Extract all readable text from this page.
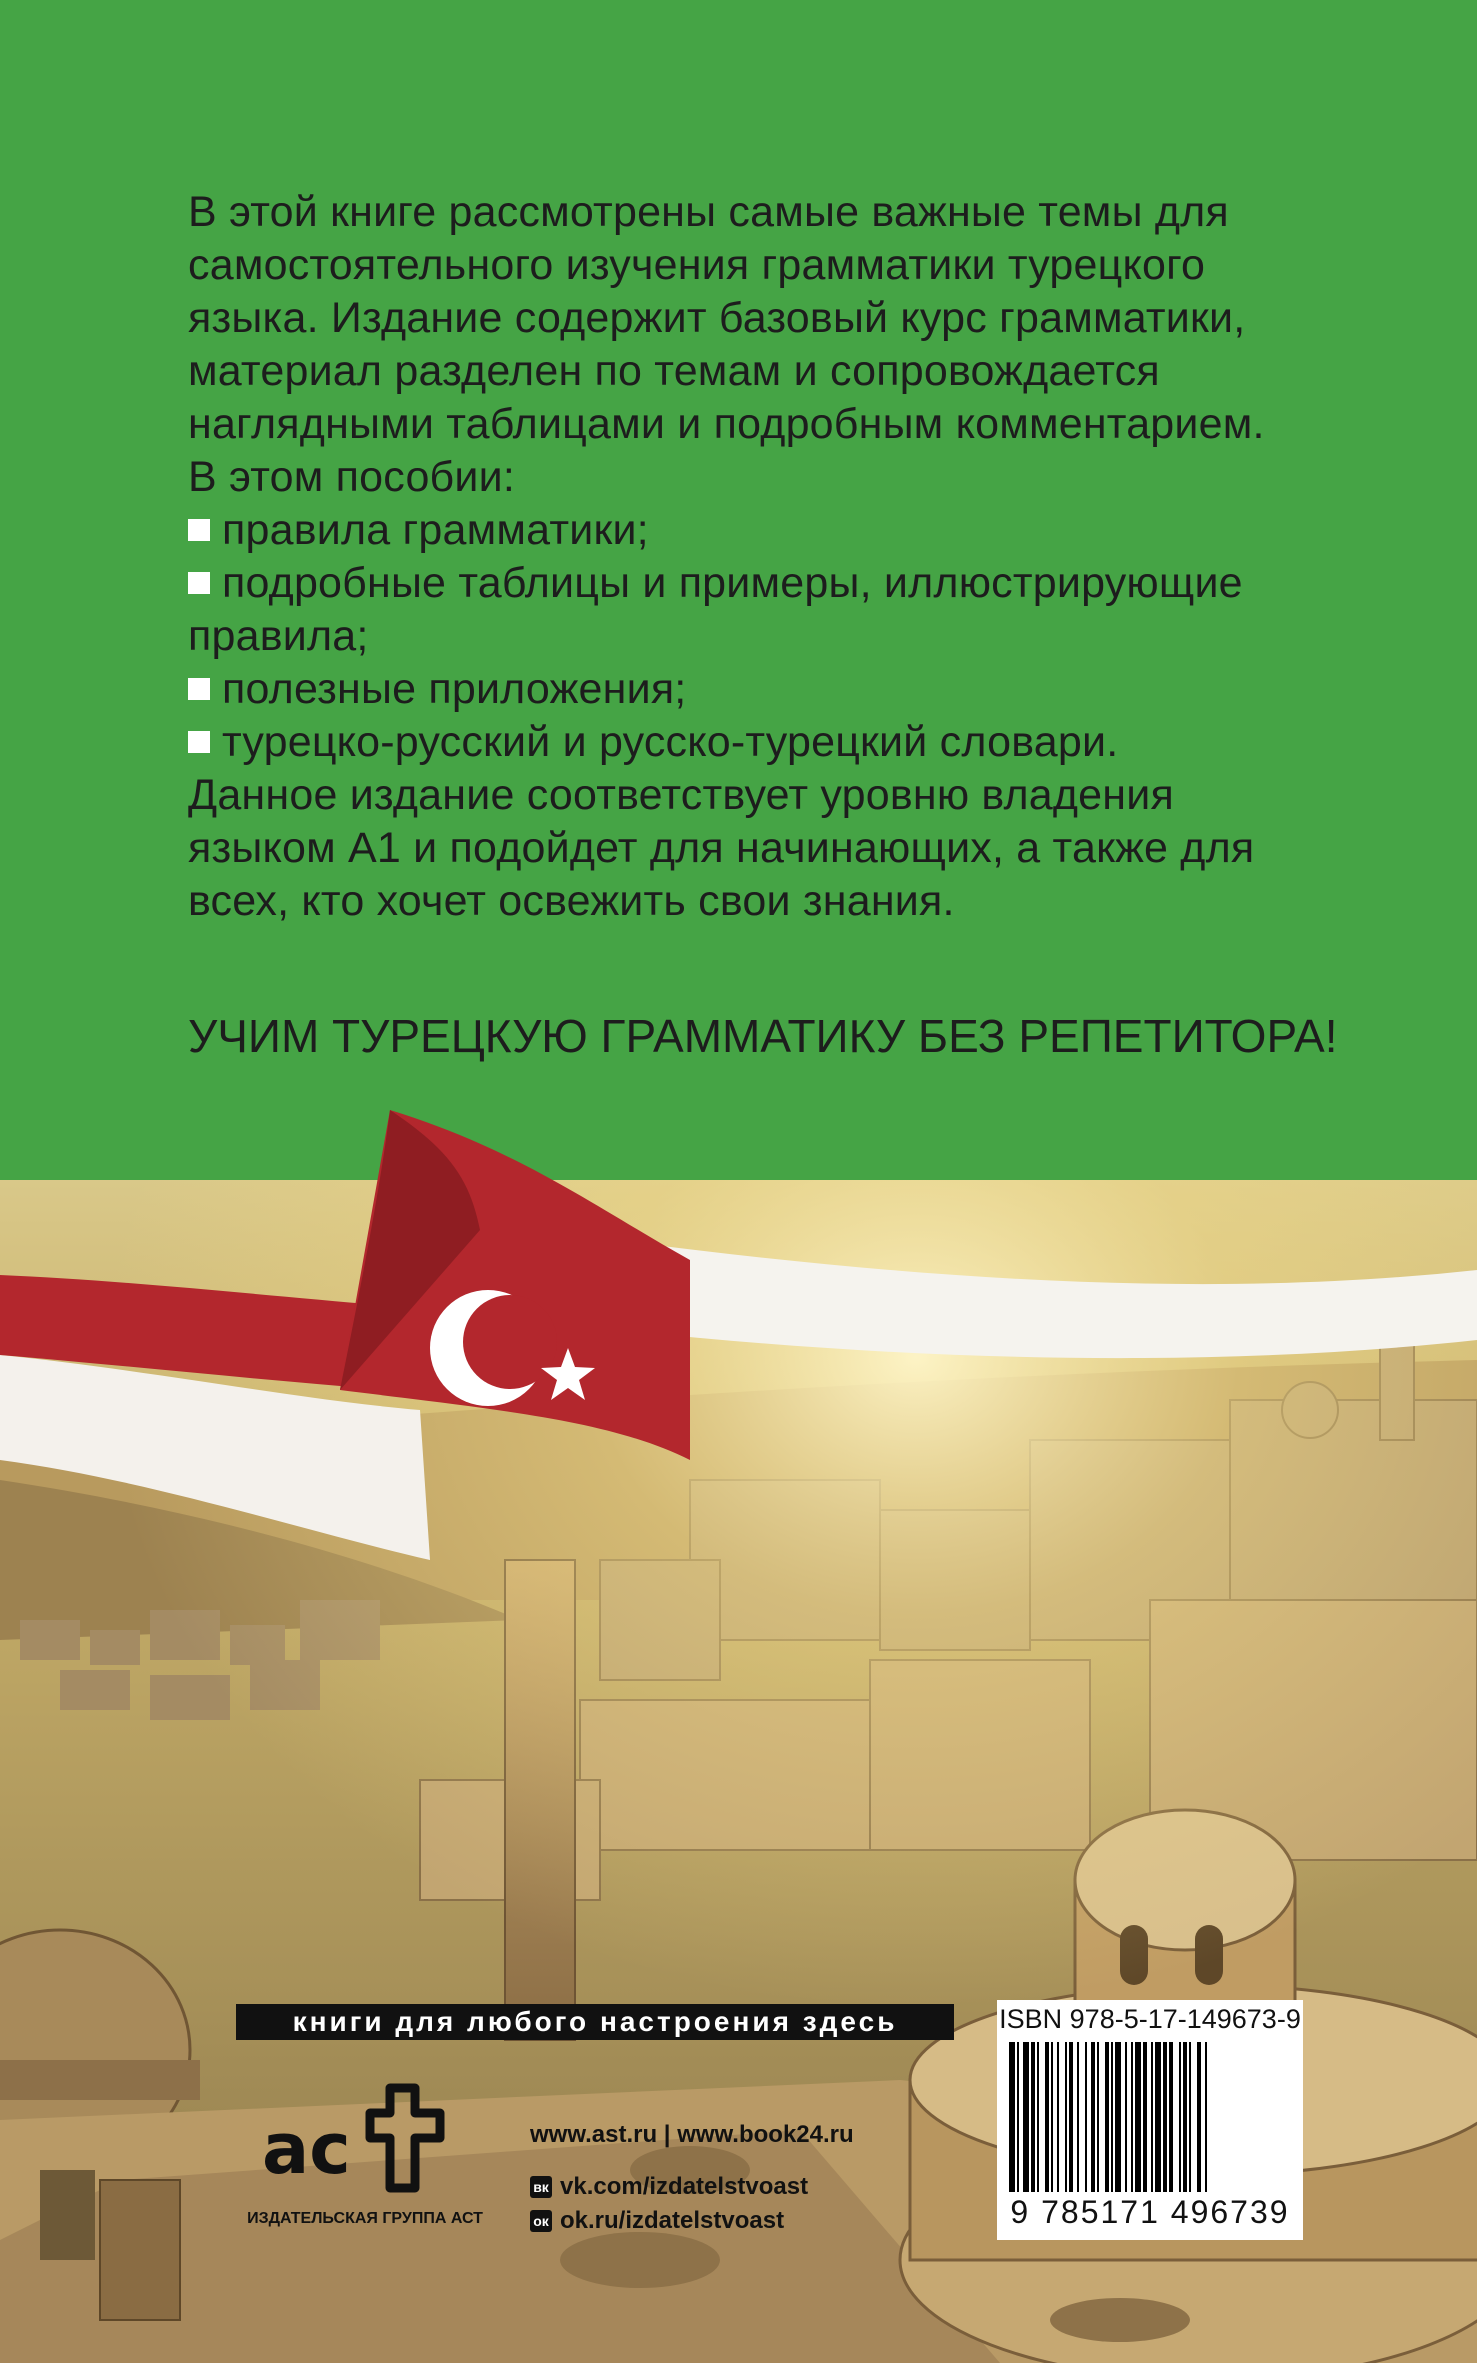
В этой книге рассмотрены самые важные темы для

самостоятельного изучения грамматики турецкого

языка. Издание содержит базовый курс грамматики,

материал разделен по темам и сопровождается

наглядными таблицами и подробным комментарием.

В этом пособии:

правила грамматики;

подробные таблицы и примеры, иллюстрирующие

правила;

полезные приложения;

турецко-русский и русско-турецкий словари.

Данное издание соответствует уровню владения

языком А1 и подойдет для начинающих, а также для

всех, кто хочет освежить свои знания.

УЧИМ ТУРЕЦКУЮ ГРАММАТИКУ БЕЗ РЕПЕТИТОРА!
книги для любого настроения здесь
ac
ИЗДАТЕЛЬСКАЯ ГРУППА АСТ
www.ast.ru | www.book24.ru
вк vk.com/izdatelstvoast
ок ok.ru/izdatelstvoast
ISBN 978-5-17-149673-9
9 785171 496739
